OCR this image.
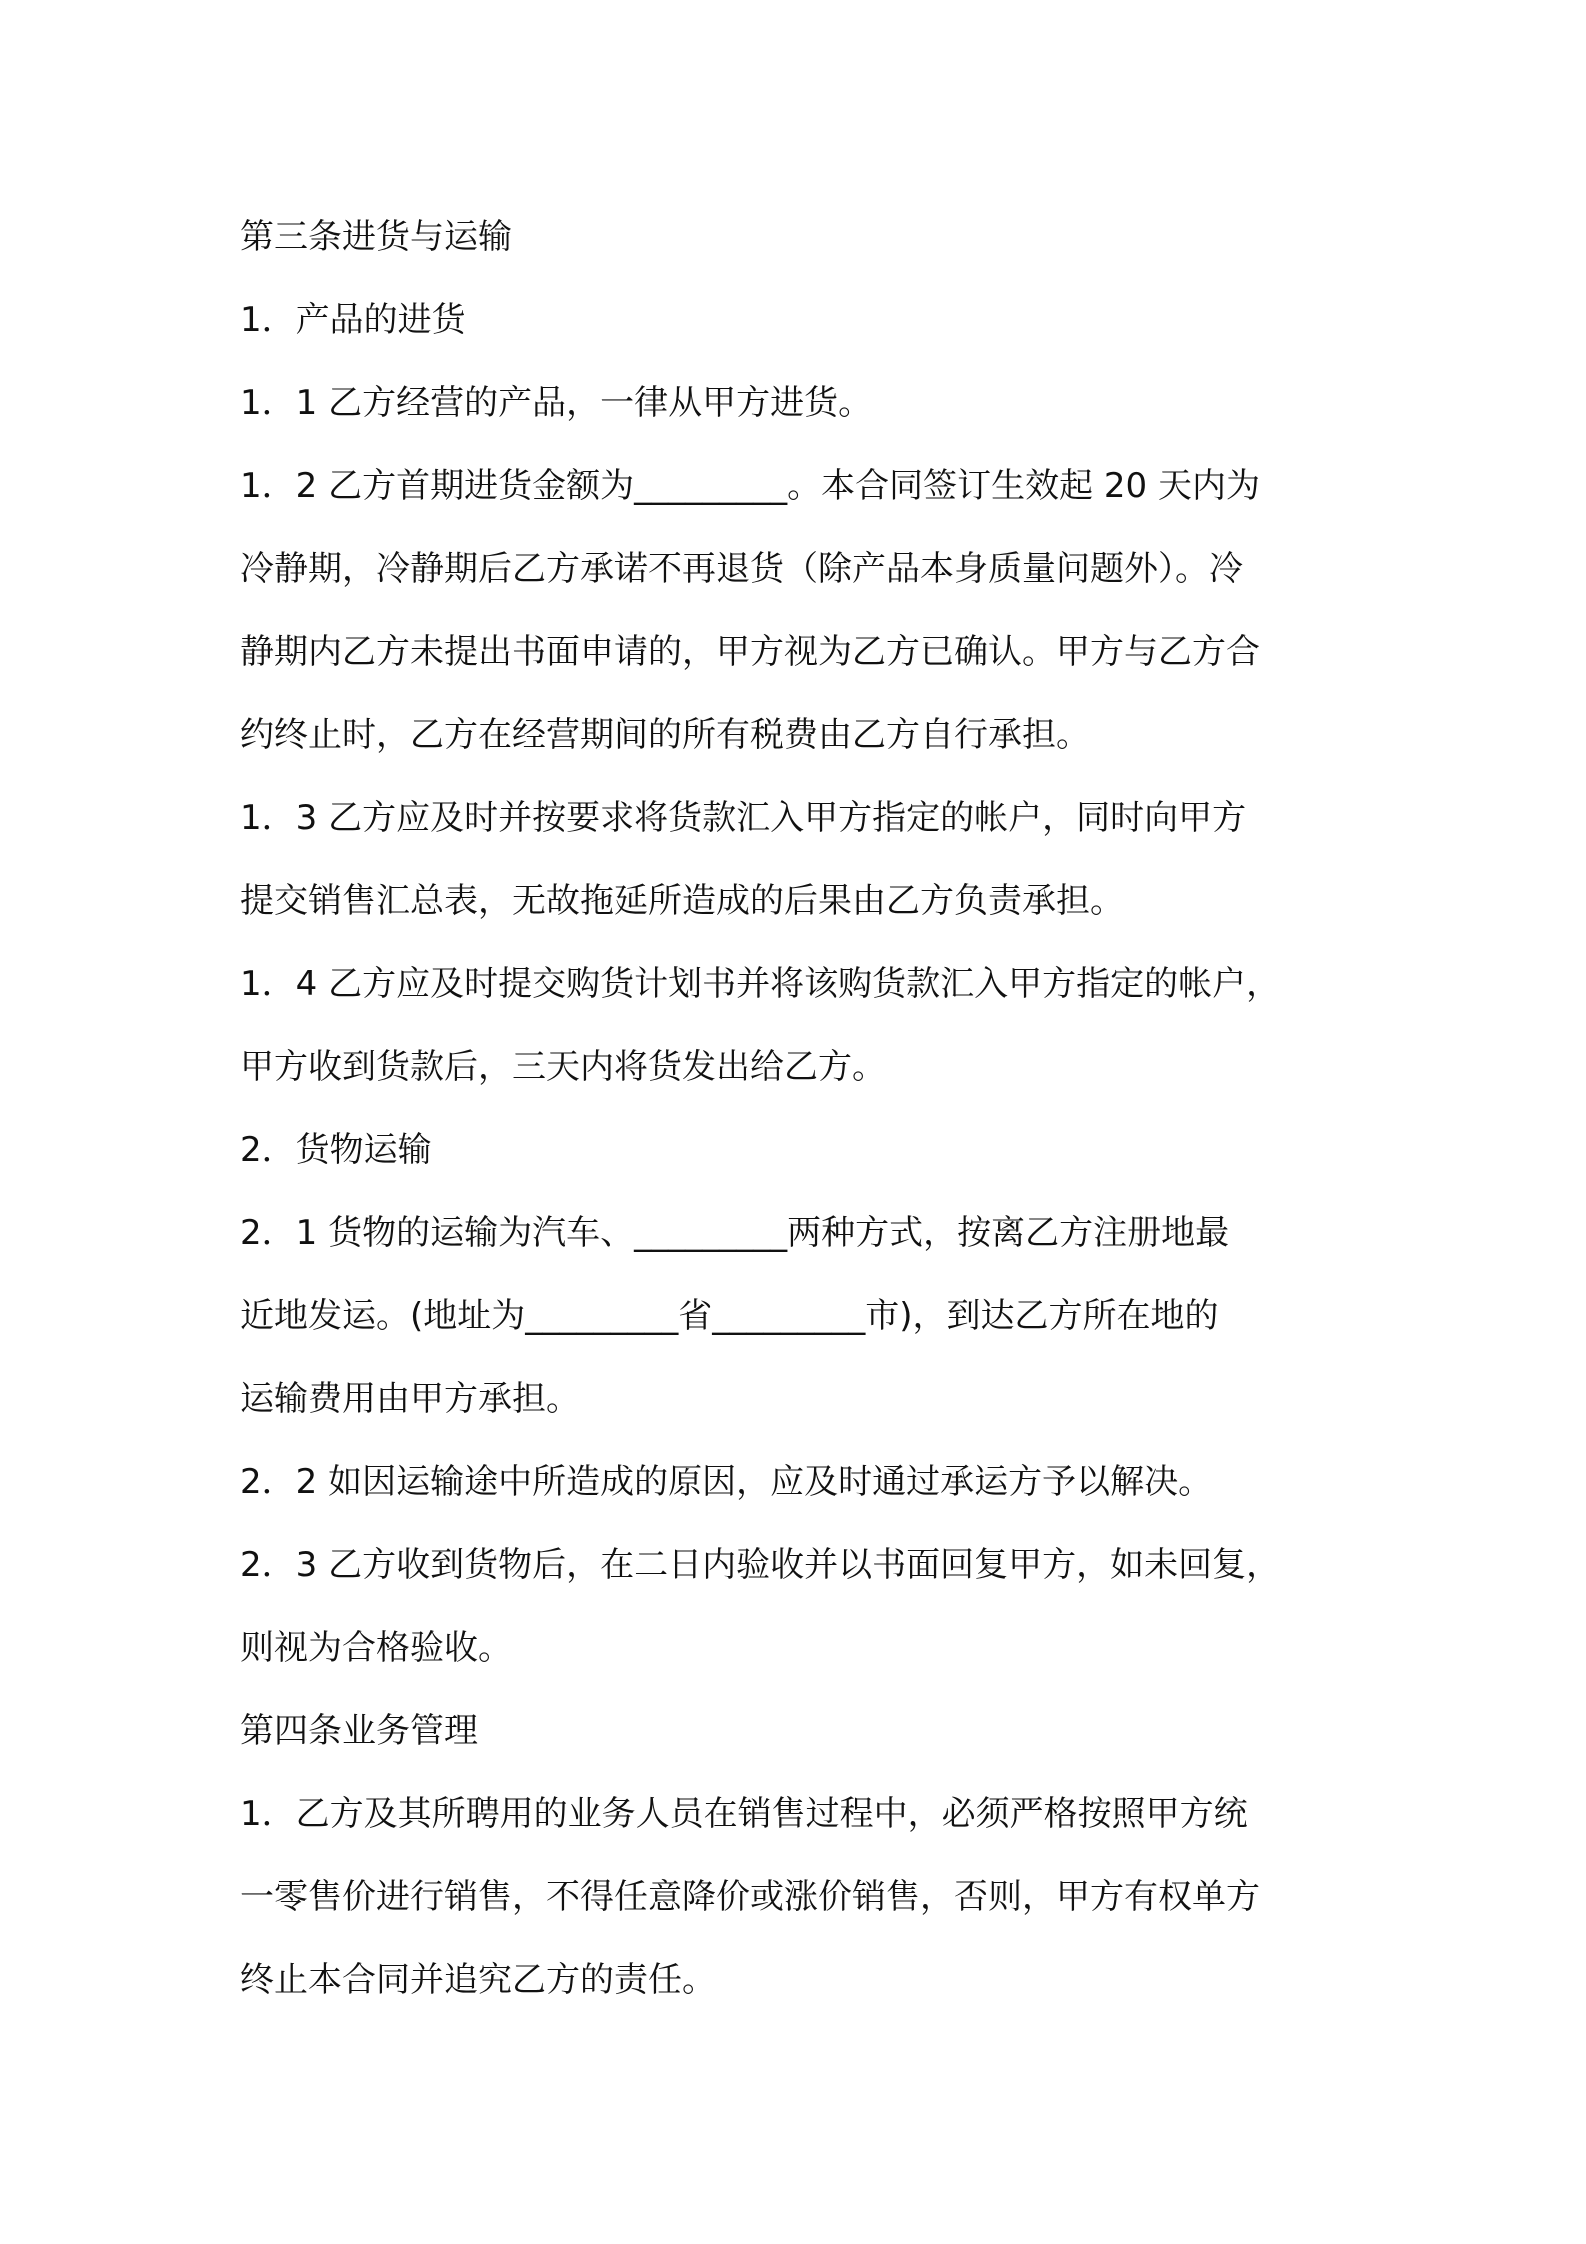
第三条进货与运输
1．产品的进货
1．1 乙方经营的产品，一律从甲方进货。
1．2 乙方首期进货金额为_________。本合同签订生效起 20 天内为
冷静期，冷静期后乙方承诺不再退货（除产品本身质量问题外）。冷
静期内乙方未提出书面申请的，甲方视为乙方已确认。甲方与乙方合
约终止时，乙方在经营期间的所有税费由乙方自行承担。
1．3 乙方应及时并按要求将货款汇入甲方指定的帐户，同时向甲方
提交销售汇总表，无故拖延所造成的后果由乙方负责承担。
1．4 乙方应及时提交购货计划书并将该购货款汇入甲方指定的帐户，
甲方收到货款后，三天内将货发出给乙方。
2．货物运输
2．1 货物的运输为汽车、_________两种方式，按离乙方注册地最
近地发运。(地址为_________省_________市)，到达乙方所在地的
运输费用由甲方承担。
2．2 如因运输途中所造成的原因，应及时通过承运方予以解决。
2．3 乙方收到货物后，在二日内验收并以书面回复甲方，如未回复，
则视为合格验收。
第四条业务管理
1．乙方及其所聘用的业务人员在销售过程中，必须严格按照甲方统
一零售价进行销售，不得任意降价或涨价销售，否则，甲方有权单方
终止本合同并追究乙方的责任。
